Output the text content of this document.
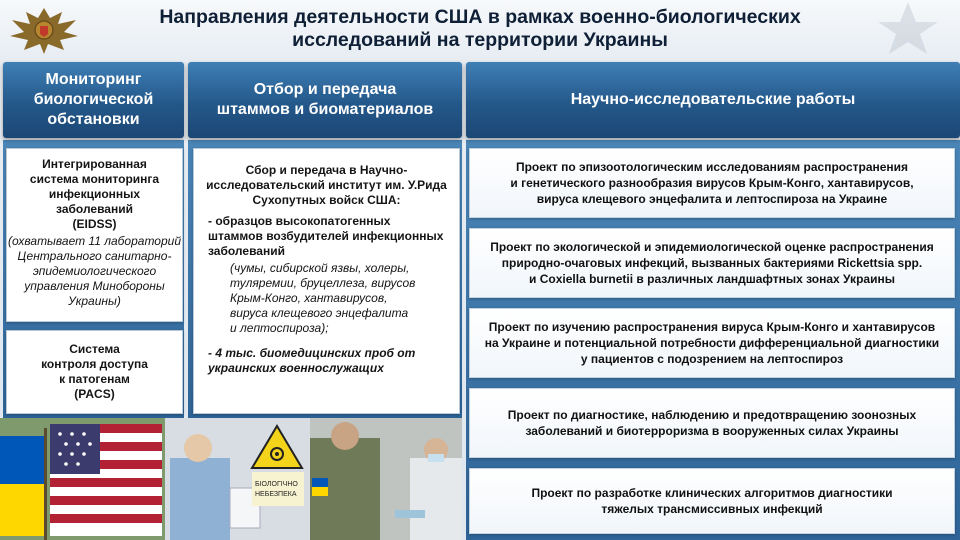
Направления деятельности США в рамках военно-биологических
исследований на территории Украины
Мониторинг
биологической
обстановки
Интегрированная
система мониторинга
инфекционных
заболеваний
(EIDSS)
(охватывает 11 лабораторий
Центрального санитарно-
эпидемиологического
управления Минобороны
Украины)
Система
контроля доступа
к патогенам
(PACS)
Отбор и передача
штаммов и биоматериалов
Сбор и передача в Научно-
исследовательский институт им. У.Рида
Сухопутных войск США:
- образцов высокопатогенных
штаммов возбудителей инфекционных
заболеваний
(чумы, сибирской язвы, холеры,
туляремии, бруцеллеза, вирусов
Крым-Конго, хантавирусов,
вируса клещевого энцефалита
и лептоспироза);
- 4 тыс. биомедицинских проб от
украинских военнослужащих
Научно-исследовательские работы
Проект по эпизоотологическим исследованиям распространения
и генетического разнообразия вирусов Крым-Конго, хантавирусов,
вируса клещевого энцефалита и лептоспироза на Украине
Проект по экологической и эпидемиологической оценке распространения
природно-очаговых инфекций, вызванных бактериями Rickettsia spp.
и Coxiella burnetii в различных ландшафтных зонах Украины
Проект по изучению распространения вируса Крым-Конго и хантавирусов
на Украине и потенциальной потребности дифференциальной диагностики
у пациентов с подозрением на лептоспироз
Проект по диагностике, наблюдению и предотвращению зоонозных
заболеваний и биотерроризма в вооруженных силах Украины
Проект по разработке клинических алгоритмов диагностики
тяжелых трансмиссивных инфекций
БІОЛОГІЧНО
НЕБЕЗПЕКА
